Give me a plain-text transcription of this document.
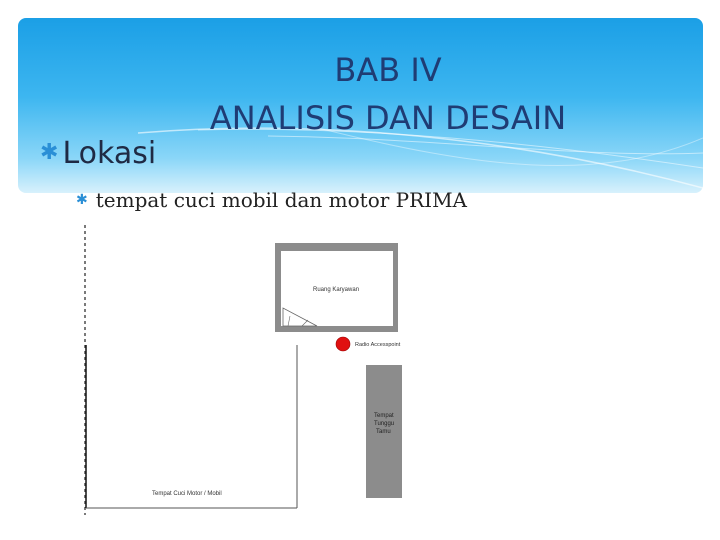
BAB IV
ANALISIS DAN DESAIN
✱ Lokasi
✱ tempat cuci mobil dan motor PRIMA
Ruang Karyawan
Radio Accesspoint
Tempat
Tunggu
Tamu
Tempat Cuci Motor / Mobil
